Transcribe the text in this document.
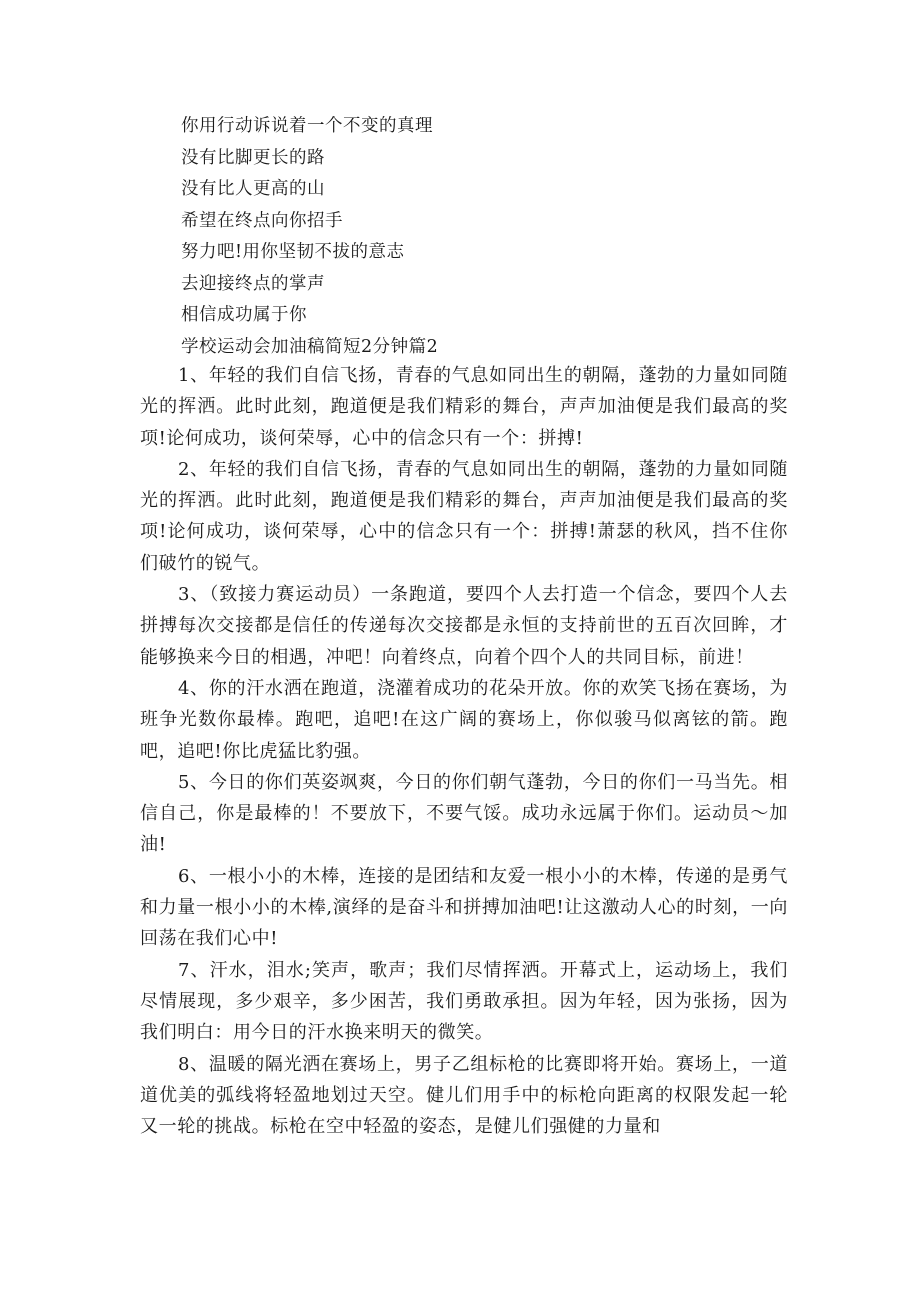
你用行动诉说着一个不变的真理
没有比脚更长的路
没有比人更高的山
希望在终点向你招手
努力吧!用你坚韧不拔的意志
去迎接终点的掌声
相信成功属于你
学校运动会加油稿简短2分钟篇2

1、年轻的我们自信飞扬，青春的气息如同出生的朝隔，蓬勃的力量如同随光的挥洒。此时此刻，跑道便是我们精彩的舞台，声声加油便是我们最高的奖项!论何成功，谈何荣辱，心中的信念只有一个：拼搏!

2、年轻的我们自信飞扬，青春的气息如同出生的朝隔，蓬勃的力量如同随光的挥洒。此时此刻，跑道便是我们精彩的舞台，声声加油便是我们最高的奖项!论何成功，谈何荣辱，心中的信念只有一个：拼搏!萧瑟的秋风，挡不住你们破竹的锐气。

3、（致接力赛运动员）一条跑道，要四个人去打造一个信念，要四个人去拼搏每次交接都是信任的传递每次交接都是永恒的支持前世的五百次回眸，才能够换来今日的相遇，冲吧！向着终点，向着个四个人的共同目标，前进！

4、你的汗水洒在跑道，浇灌着成功的花朵开放。你的欢笑飞扬在赛场，为班争光数你最棒。跑吧，追吧!在这广阔的赛场上，你似骏马似离铉的箭。跑吧，追吧!你比虎猛比豹强。

5、今日的你们英姿飒爽，今日的你们朝气蓬勃，今日的你们一马当先。相信自己，你是最棒的！不要放下，不要气馁。成功永远属于你们。运动员〜加油!

6、一根小小的木棒，连接的是团结和友爱一根小小的木棒，传递的是勇气和力量一根小小的木棒,演绎的是奋斗和拼搏加油吧!让这激动人心的时刻，一向回荡在我们心中!

7、汗水，泪水;笑声，歌声；我们尽情挥洒。开幕式上，运动场上，我们尽情展现，多少艰辛，多少困苦，我们勇敢承担。因为年轻，因为张扬，因为我们明白：用今日的汗水换来明天的微笑。

8、温暖的隔光洒在赛场上，男子乙组标枪的比赛即将开始。赛场上，一道道优美的弧线将轻盈地划过天空。健儿们用手中的标枪向距离的权限发起一轮又一轮的挑战。标枪在空中轻盈的姿态，是健儿们强健的力量和
